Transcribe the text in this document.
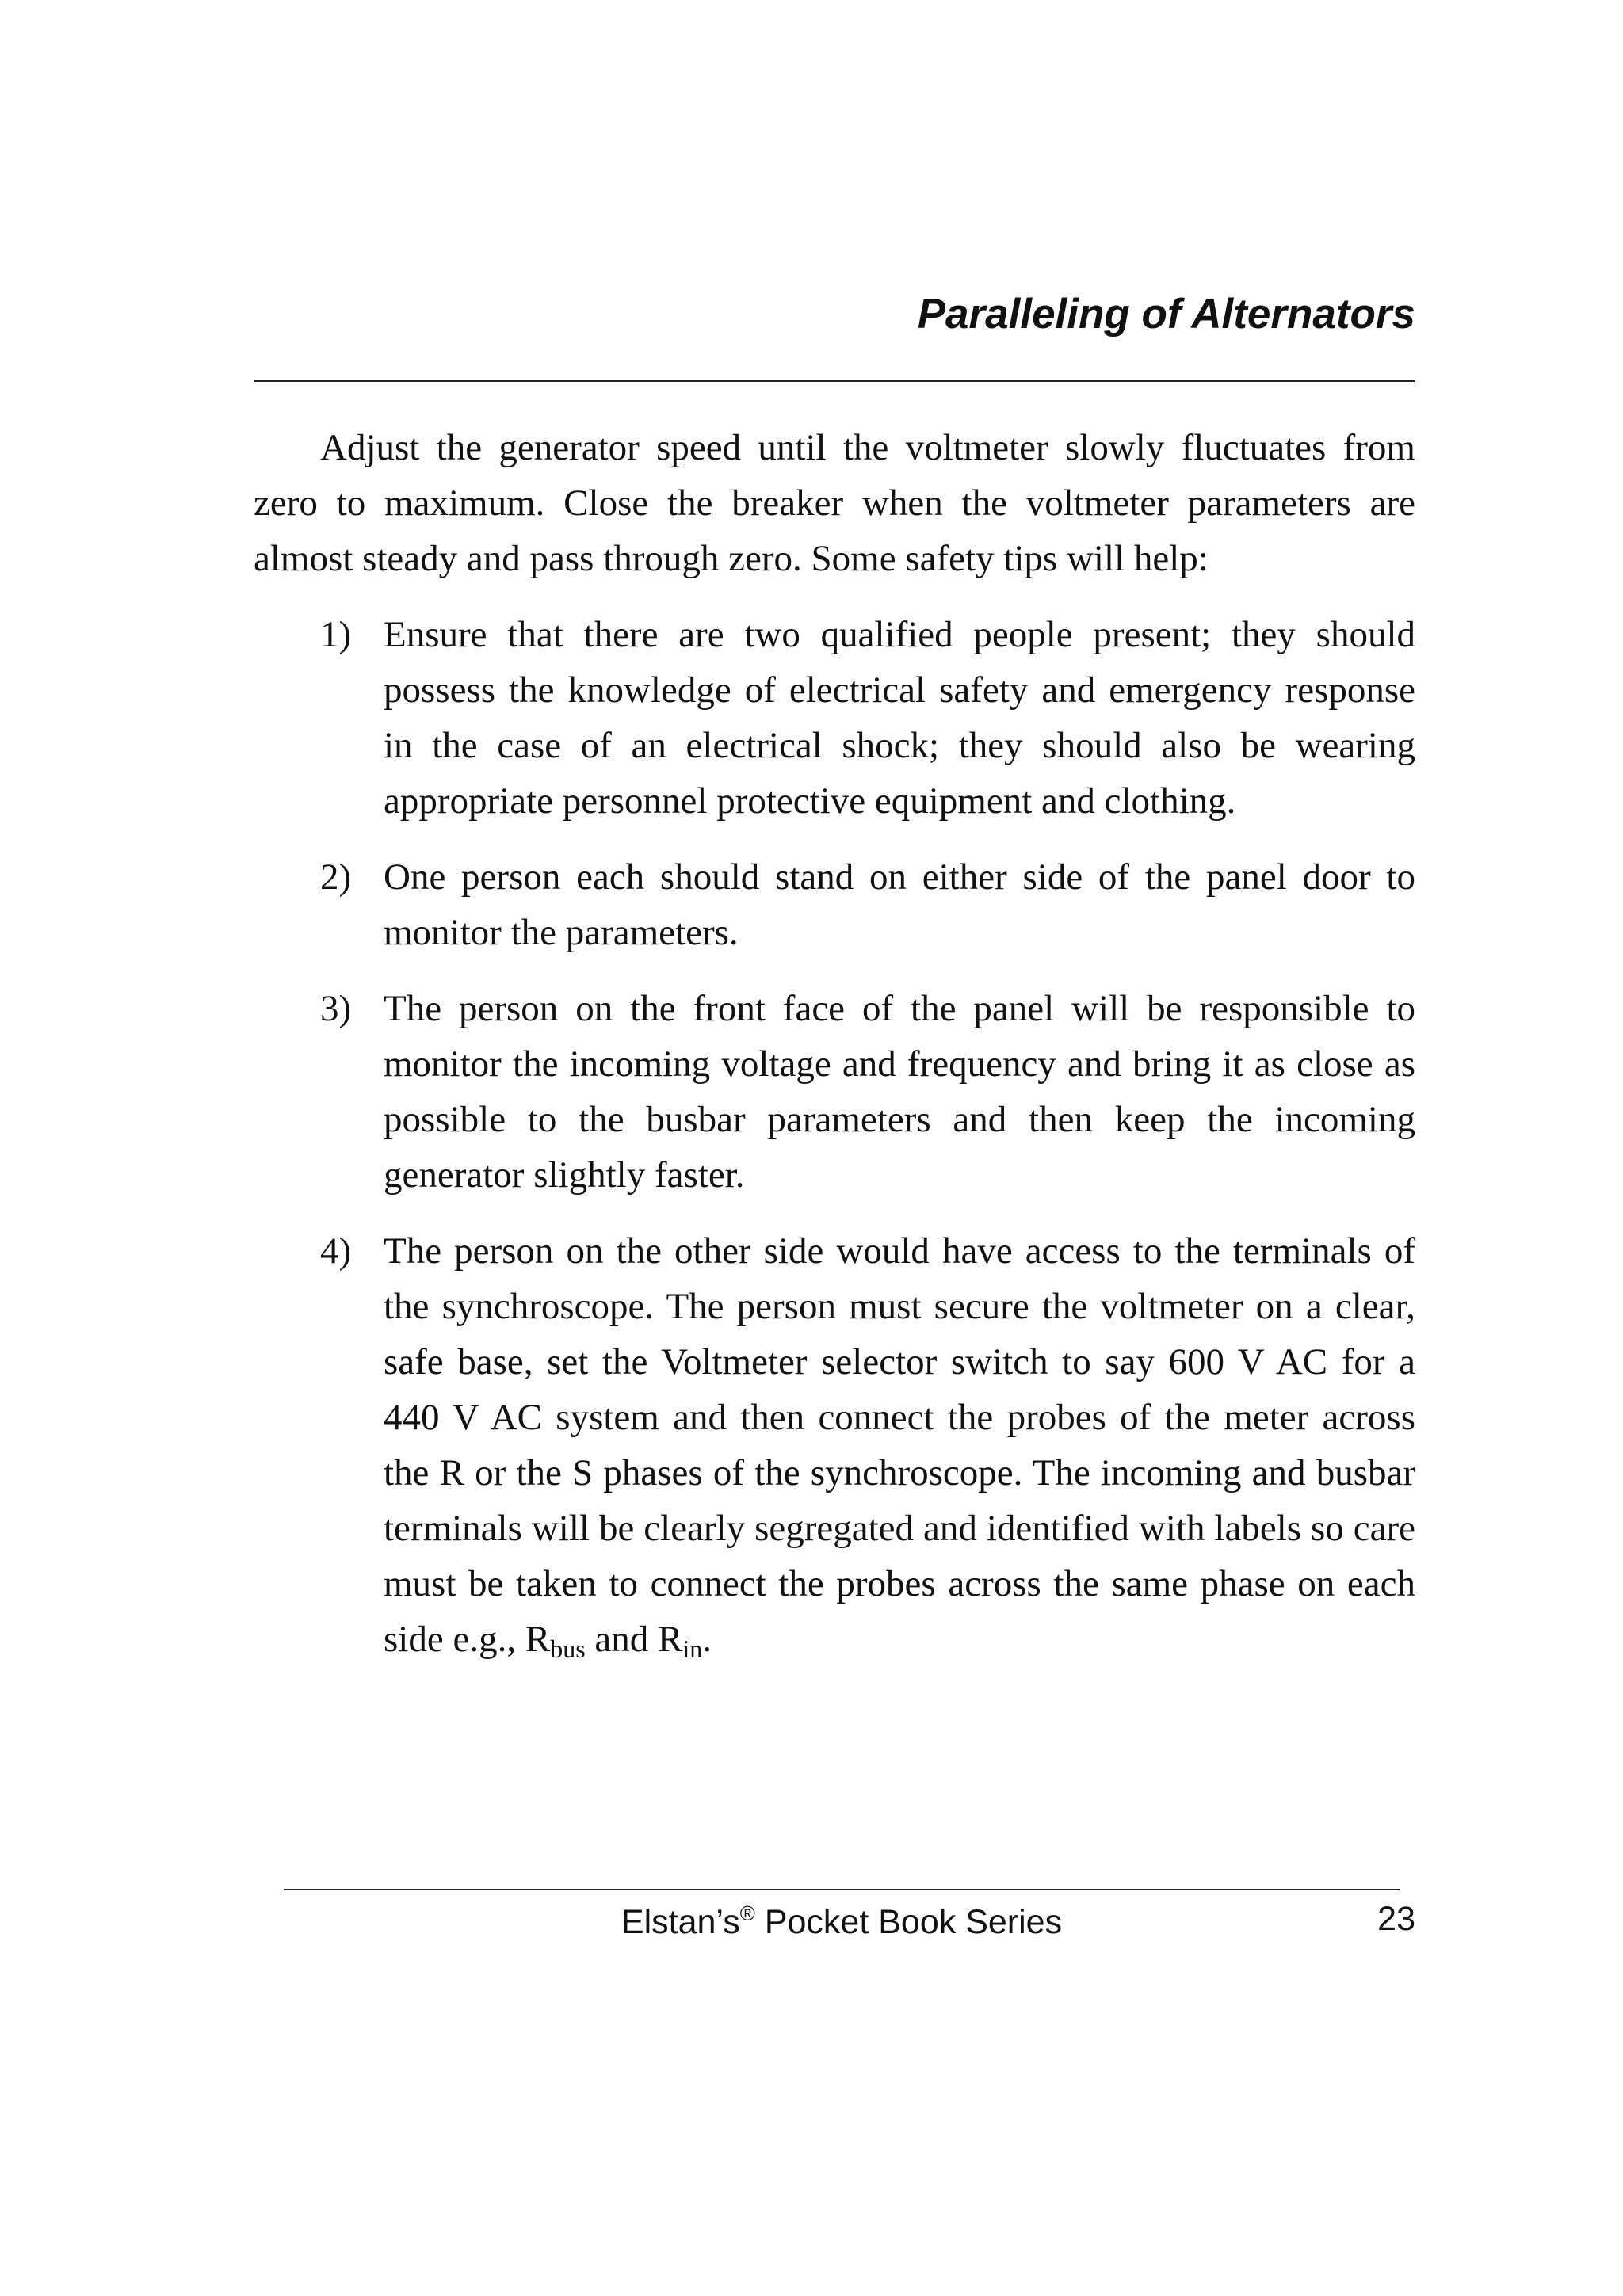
Paralleling of Alternators

Adjust the generator speed until the voltmeter slowly fluctuates from zero to maximum. Close the breaker when the voltmeter parameters are almost steady and pass through zero. Some safety tips will help:

1) Ensure that there are two qualified people present; they should possess the knowledge of electrical safety and emergency response in the case of an electrical shock; they should also be wearing appropriate personnel protective equipment and clothing.
2) One person each should stand on either side of the panel door to monitor the parameters.
3) The person on the front face of the panel will be responsible to monitor the incoming voltage and frequency and bring it as close as possible to the busbar parameters and then keep the incoming generator slightly faster.
4) The person on the other side would have access to the terminals of the synchroscope. The person must secure the voltmeter on a clear, safe base, set the Voltmeter selector switch to say 600 V AC for a 440 V AC system and then connect the probes of the meter across the R or the S phases of the synchroscope. The incoming and busbar terminals will be clearly segregated and identified with labels so care must be taken to connect the probes across the same phase on each side e.g., $R_{bus}$ and $R_{in}$.
Elstan’s® Pocket Book Series	23
